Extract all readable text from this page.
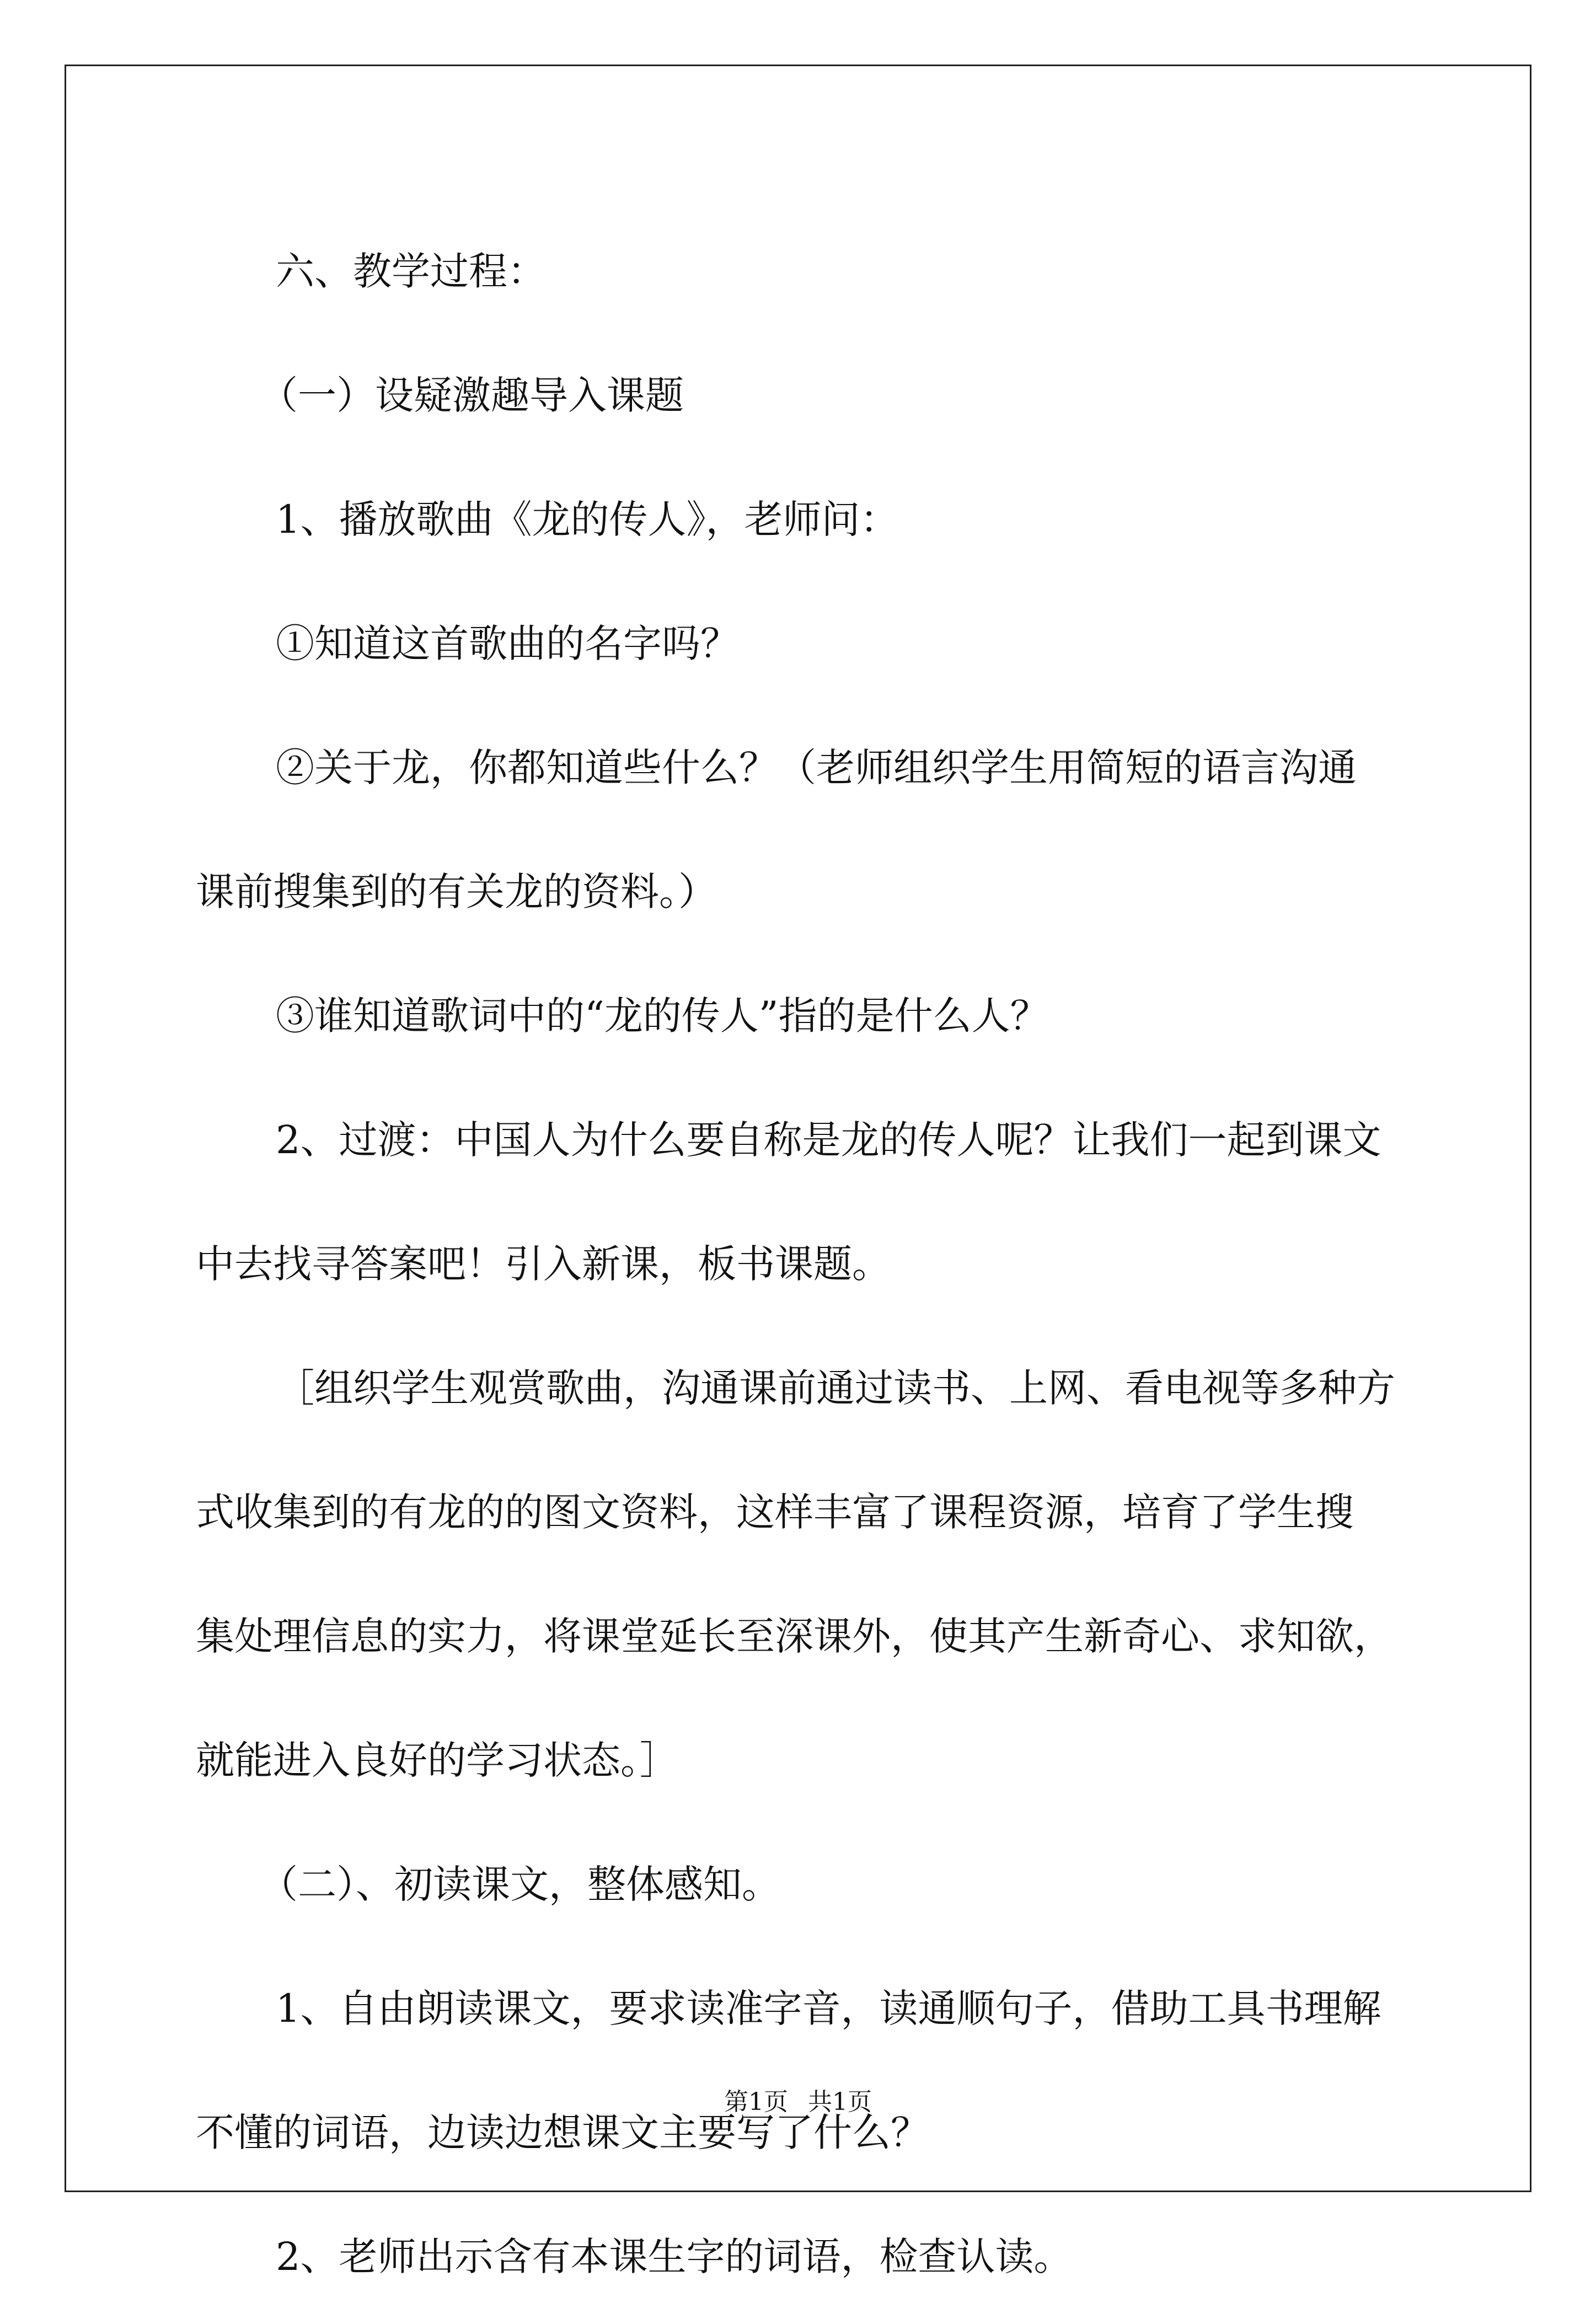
六、教学过程：
（一）设疑激趣导入课题
1、播放歌曲《龙的传人》，老师问：
①知道这首歌曲的名字吗？
②关于龙，你都知道些什么？（老师组织学生用简短的语言沟通
课前搜集到的有关龙的资料。）
③谁知道歌词中的“龙的传人”指的是什么人？
2、过渡：中国人为什么要自称是龙的传人呢？让我们一起到课文
中去找寻答案吧！引入新课，板书课题。
［组织学生观赏歌曲，沟通课前通过读书、上网、看电视等多种方
式收集到的有龙的的图文资料，这样丰富了课程资源，培育了学生搜
集处理信息的实力，将课堂延长至深课外，使其产生新奇心、求知欲，
就能进入良好的学习状态。］
（二）、初读课文，整体感知。
1、自由朗读课文，要求读准字音，读通顺句子，借助工具书理解
不懂的词语，边读边想课文主要写了什么？
2、老师出示含有本课生字的词语，检查认读。
第1页 共1页
